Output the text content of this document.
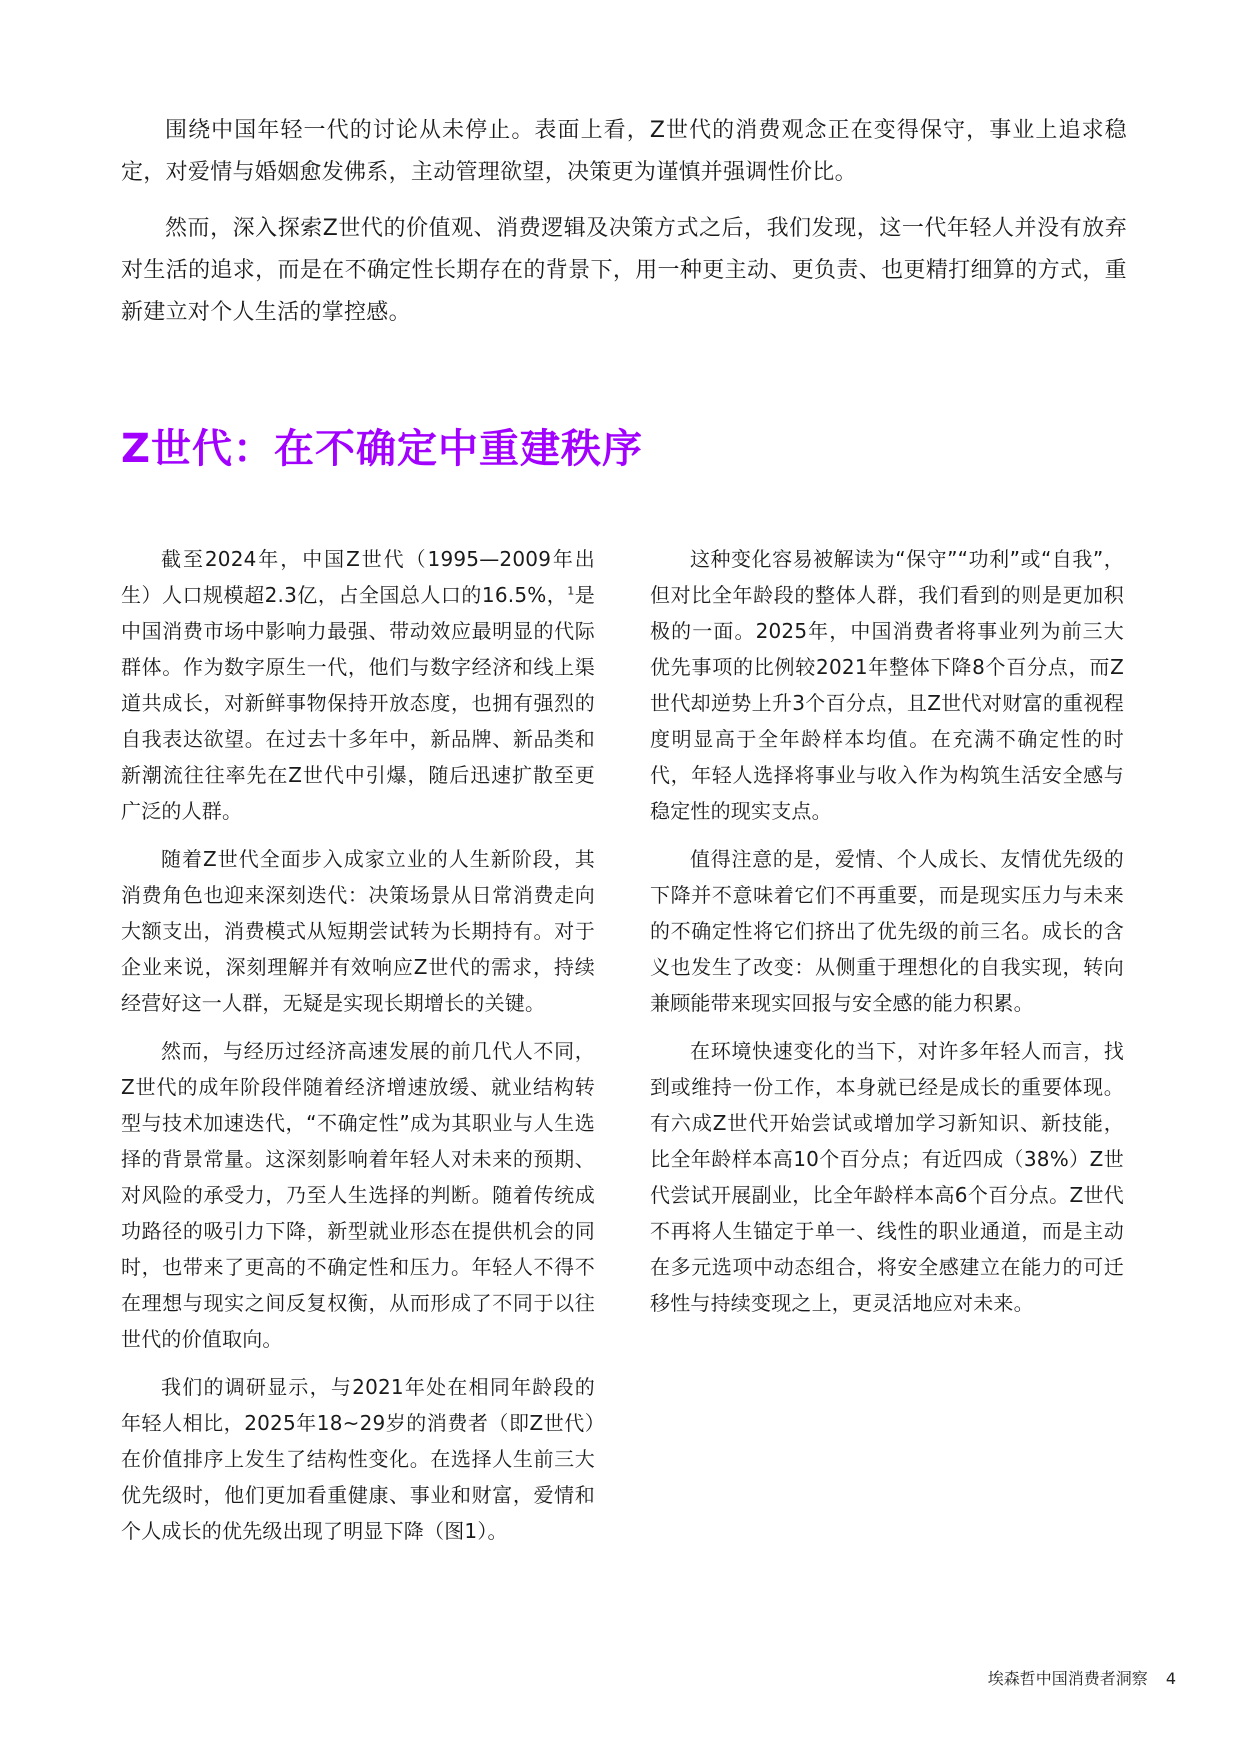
围绕中国年轻一代的讨论从未停止。表面上看，Z世代的消费观念正在变得保守，事业上追求稳定，对爱情与婚姻愈发佛系，主动管理欲望，决策更为谨慎并强调性价比。

然而，深入探索Z世代的价值观、消费逻辑及决策方式之后，我们发现，这一代年轻人并没有放弃对生活的追求，而是在不确定性长期存在的背景下，用一种更主动、更负责、也更精打细算的方式，重新建立对个人生活的掌控感。

Z世代：在不确定中重建秩序

截至2024年，中国Z世代（1995—2009年出生）人口规模超2.3亿，占全国总人口的16.5%，$^1$是中国消费市场中影响力最强、带动效应最明显的代际群体。作为数字原生一代，他们与数字经济和线上渠道共成长，对新鲜事物保持开放态度，也拥有强烈的自我表达欲望。在过去十多年中，新品牌、新品类和新潮流往往率先在Z世代中引爆，随后迅速扩散至更广泛的人群。

随着Z世代全面步入成家立业的人生新阶段，其消费角色也迎来深刻迭代：决策场景从日常消费走向大额支出，消费模式从短期尝试转为长期持有。对于企业来说，深刻理解并有效响应Z世代的需求，持续经营好这一人群，无疑是实现长期增长的关键。

然而，与经历过经济高速发展的前几代人不同，Z世代的成年阶段伴随着经济增速放缓、就业结构转型与技术加速迭代，“不确定性”成为其职业与人生选择的背景常量。这深刻影响着年轻人对未来的预期、对风险的承受力，乃至人生选择的判断。随着传统成功路径的吸引力下降，新型就业形态在提供机会的同时，也带来了更高的不确定性和压力。年轻人不得不在理想与现实之间反复权衡，从而形成了不同于以往世代的价值取向。

我们的调研显示，与2021年处在相同年龄段的年轻人相比，2025年18~29岁的消费者（即Z世代）在价值排序上发生了结构性变化。在选择人生前三大优先级时，他们更加看重健康、事业和财富，爱情和个人成长的优先级出现了明显下降（图1）。

这种变化容易被解读为“保守”“功利”或“自我”，但对比全年龄段的整体人群，我们看到的则是更加积极的一面。2025年，中国消费者将事业列为前三大优先事项的比例较2021年整体下降8个百分点，而Z世代却逆势上升3个百分点，且Z世代对财富的重视程度明显高于全年龄样本均值。在充满不确定性的时代，年轻人选择将事业与收入作为构筑生活安全感与稳定性的现实支点。

值得注意的是，爱情、个人成长、友情优先级的下降并不意味着它们不再重要，而是现实压力与未来的不确定性将它们挤出了优先级的前三名。成长的含义也发生了改变：从侧重于理想化的自我实现，转向兼顾能带来现实回报与安全感的能力积累。

在环境快速变化的当下，对许多年轻人而言，找到或维持一份工作，本身就已经是成长的重要体现。有六成Z世代开始尝试或增加学习新知识、新技能，比全年龄样本高10个百分点；有近四成（38%）Z世代尝试开展副业，比全年龄样本高6个百分点。Z世代不再将人生锚定于单一、线性的职业通道，而是主动在多元选项中动态组合，将安全感建立在能力的可迁移性与持续变现之上，更灵活地应对未来。

埃森哲中国消费者洞察 4
